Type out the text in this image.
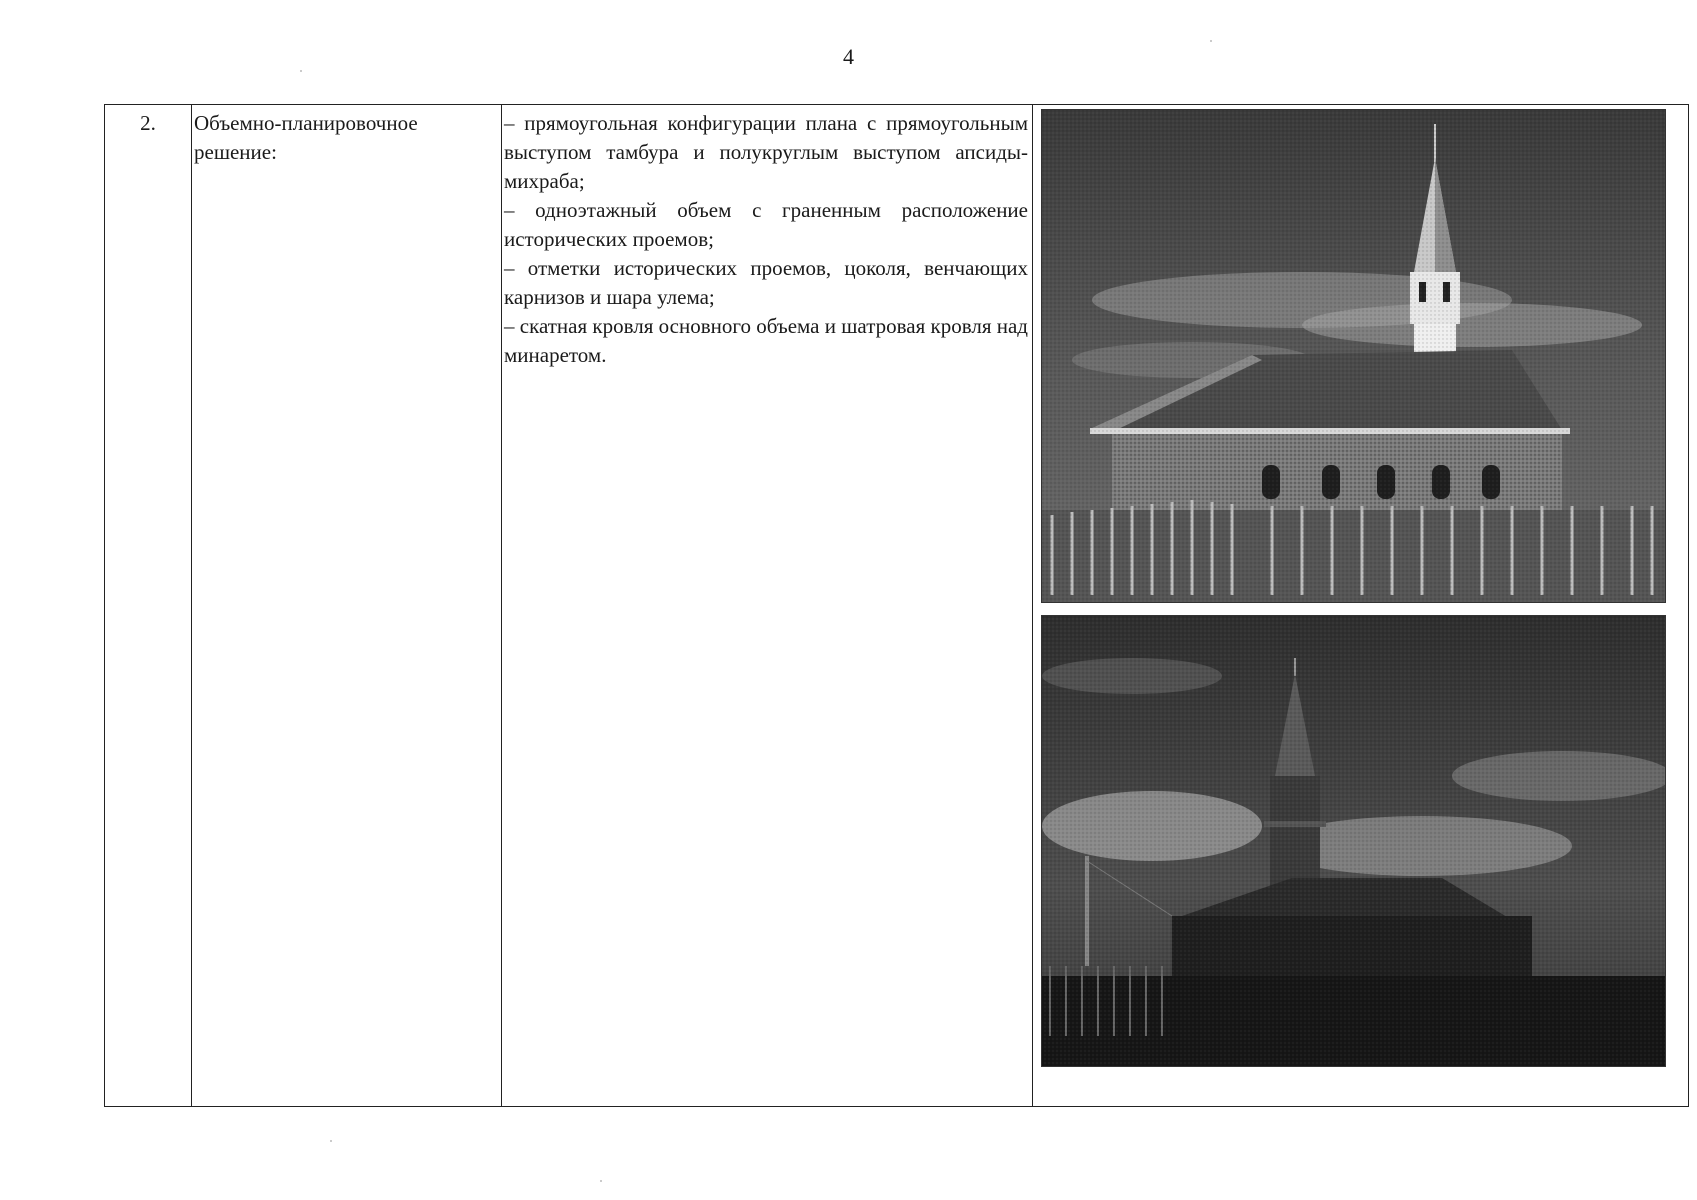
4
2.	Объемно-планировочное
решение:

– прямоугольная конфигурации плана с прямоугольным выступом тамбура и полукруглым выступом апсиды-михраба;

– одноэтажный объем с граненным расположение исторических проемов;

– отметки исторических проемов, цоколя, венчающих карнизов и шара улема;

– скатная кровля основного объема и шатровая кровля над минаретом.
